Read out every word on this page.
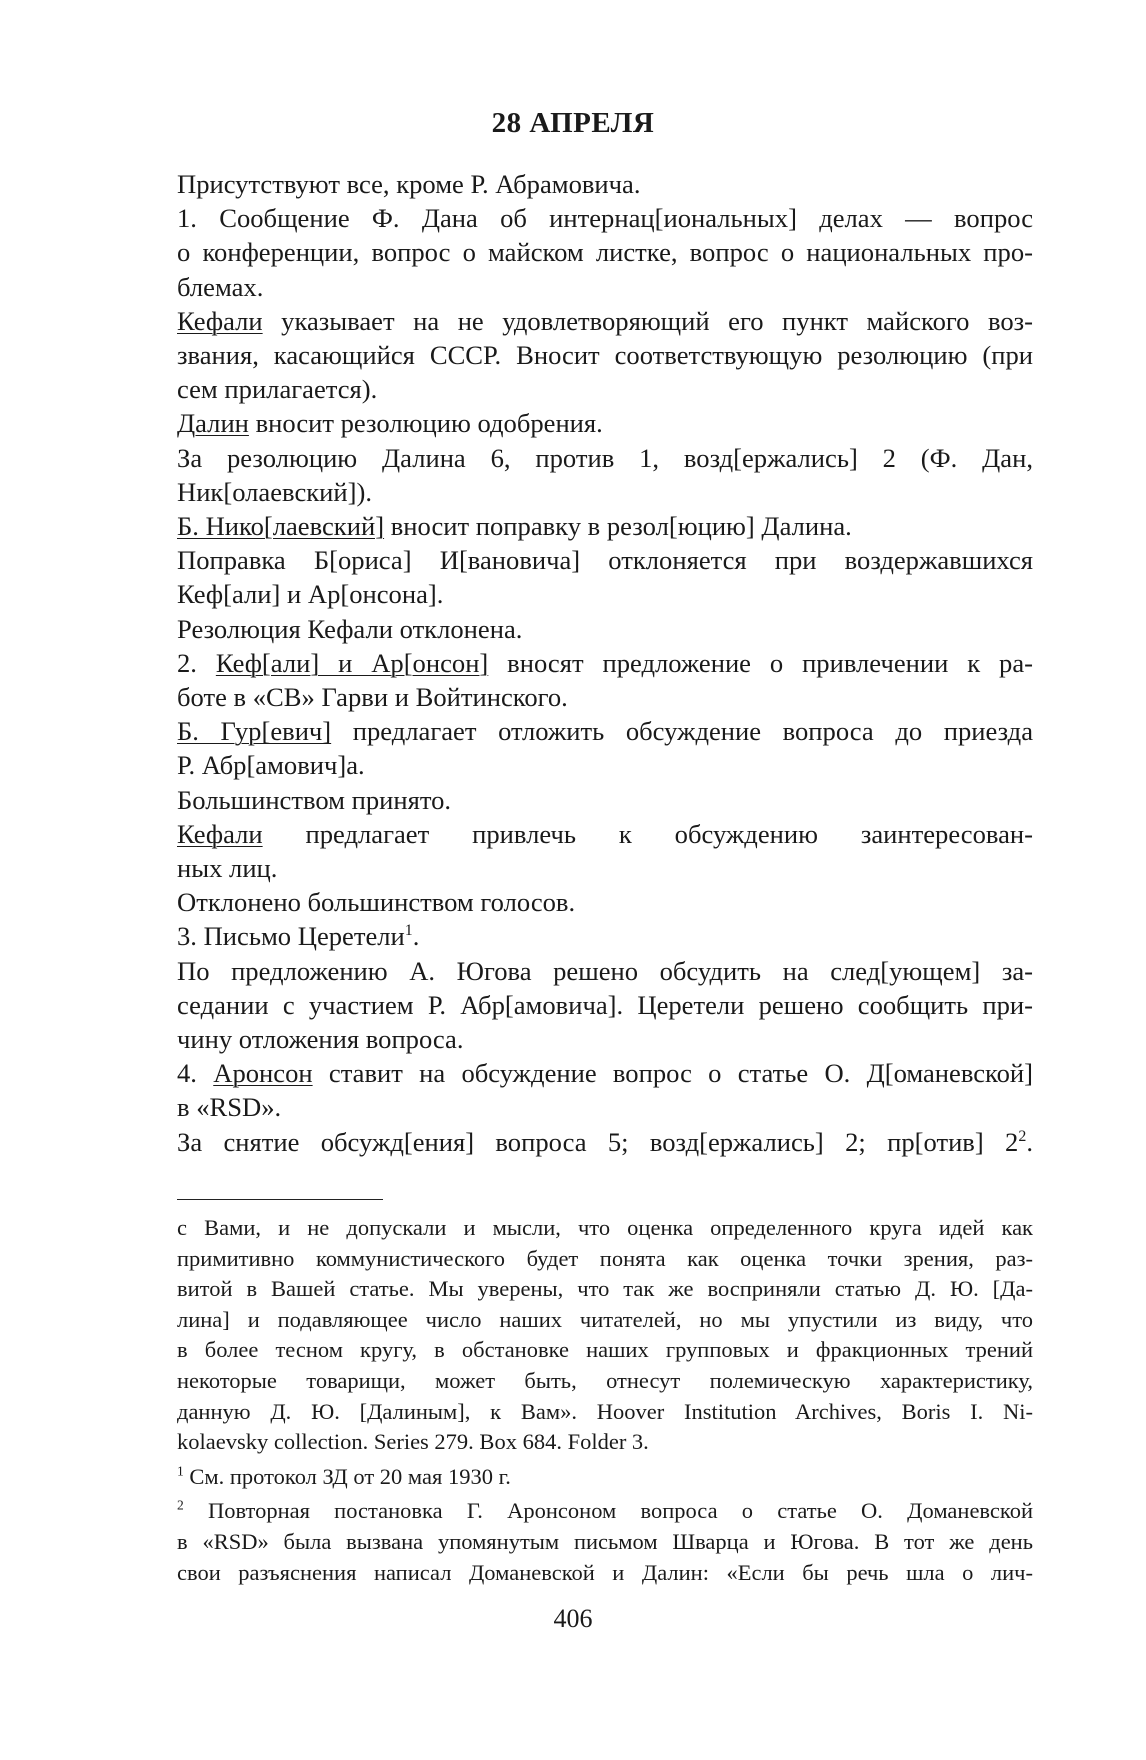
28 АПРЕЛЯ
Присутствуют все, кроме Р. Абрамовича.
1. Сообщение Ф. Дана об интернац[иональных] делах — вопрос
о конференции, вопрос о майском листке, вопрос о национальных про-
блемах.
Кефали указывает на не удовлетворяющий его пункт майского воз-
звания, касающийся СССР. Вносит соответствующую резолюцию (при
сем прилагается).
Далин вносит резолюцию одобрения.
За резолюцию Далина 6, против 1, возд[ержались] 2 (Ф. Дан,
Ник[олаевский]).
Б. Нико[лаевский] вносит поправку в резол[юцию] Далина.
Поправка Б[ориса] И[вановича] отклоняется при воздержавшихся
Кеф[али] и Ар[онсона].
Резолюция Кефали отклонена.
2. Кеф[али] и Ар[онсон] вносят предложение о привлечении к ра-
боте в «СВ» Гарви и Войтинского.
Б. Гур[евич] предлагает отложить обсуждение вопроса до приезда
Р. Абр[амович]а.
Большинством принято.
Кефали предлагает привлечь к обсуждению заинтересован-
ных лиц.
Отклонено большинством голосов.
3. Письмо Церетели$^1$.
По предложению А. Югова решено обсудить на след[ующем] за-
седании с участием Р. Абр[амовича]. Церетели решено сообщить при-
чину отложения вопроса.
4. Аронсон ставит на обсуждение вопрос о статье О. Д[оманевской]
в «RSD».
За снятие обсужд[ения] вопроса 5; возд[ержались] 2; пр[отив] $2^2$.
с Вами, и не допускали и мысли, что оценка определенного круга идей как
примитивно коммунистического будет понята как оценка точки зрения, раз-
витой в Вашей статье. Мы уверены, что так же восприняли статью Д. Ю. [Да-
лина] и подавляющее число наших читателей, но мы упустили из виду, что
в более тесном кругу, в обстановке наших групповых и фракционных трений
некоторые товарищи, может быть, отнесут полемическую характеристику,
данную Д. Ю. [Далиным], к Вам». Hoover Institution Archives, Boris I. Ni-
kolaevsky collection. Series 279. Box 684. Folder 3.
$^1$ См. протокол ЗД от 20 мая 1930 г.
$^2$ Повторная постановка Г. Аронсоном вопроса о статье О. Доманевской
в «RSD» была вызвана упомянутым письмом Шварца и Югова. В тот же день
свои разъяснения написал Доманевской и Далин: «Если бы речь шла о лич-
406
